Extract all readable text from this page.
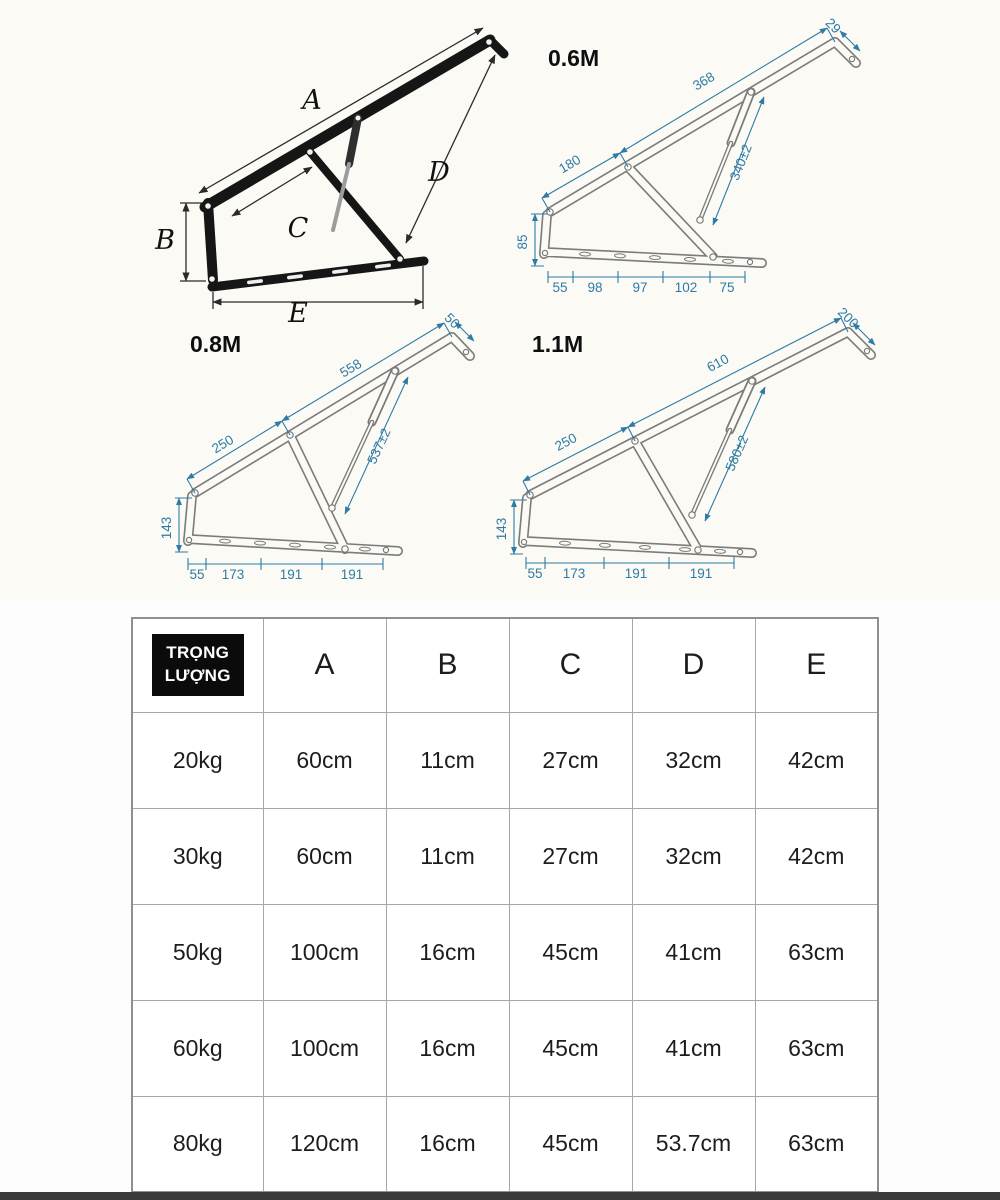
A
B	C
D
E
0.6M
0.8M	1.1M
180
368
29
340±2
85
55 98 97 102 75
250
558
50
537±2
143
55 173	191	191
250
610
200
580±2
143
55 173	191	191
TRỌNG
LƯỢNG	A	B	C	D	E
20kg	60cm	11cm	27cm	32cm	42cm
30kg	60cm	11cm	27cm	32cm	42cm
50kg	100cm	16cm	45cm	41cm	63cm
60kg	100cm	16cm	45cm	41cm	63cm
80kg	120cm	16cm	45cm	53.7cm	63cm
